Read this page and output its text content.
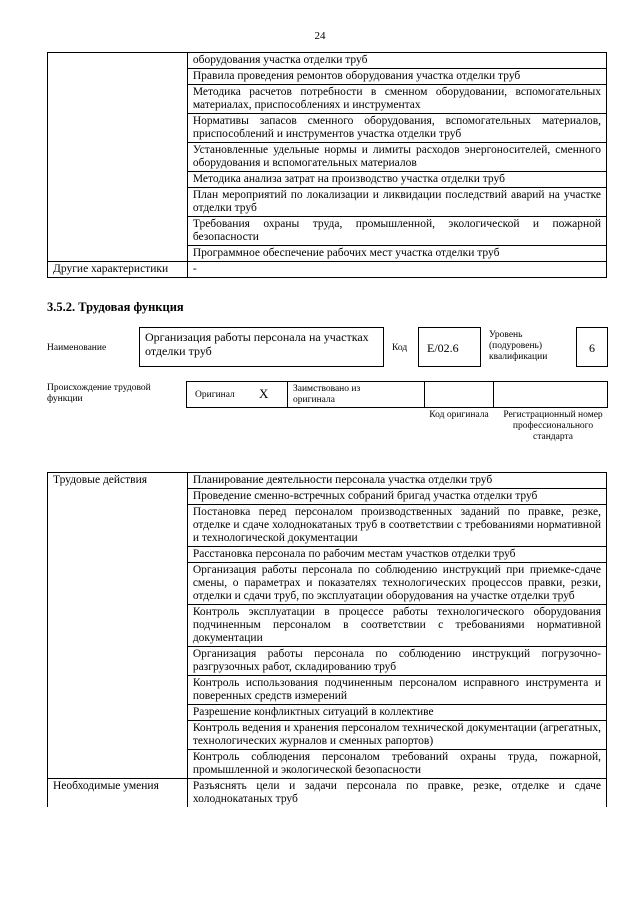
24
	оборудования участка отделки труб
	Правила проведения ремонтов оборудования участка отделки труб
	Методика расчетов потребности в сменном оборудовании, вспомогательных материалах, приспособлениях и инструментах
	Нормативы запасов сменного оборудования, вспомогательных материалов, приспособлений и инструментов участка отделки труб
	Установленные удельные нормы и лимиты расходов энергоносителей, сменного оборудования и вспомогательных материалов
	Методика анализа затрат на производство участка отделки труб
	План мероприятий по локализации и ликвидации последствий аварий на участке отделки труб
	Требования охраны труда, промышленной, экологической и пожарной безопасности
	Программное обеспечение рабочих мест участка отделки труб
Другие характеристики	-
3.5.2. Трудовая функция
Наименование
Организация работы персонала на участках отделки труб	Код	E/02.6
Уровень (подуровень) квалификации
6
Происхождение трудовой функции	Оригинал X	Заимствовано из оригинала
Код оригинала	Регистрационный номер профессионального стандарта
Трудовые действия	Планирование деятельности персонала участка отделки труб
	Проведение сменно-встречных собраний бригад участка отделки труб
	Постановка перед персоналом производственных заданий по правке, резке, отделке и сдаче холоднокатаных труб в соответствии с требованиями нормативной и технологической документации
	Расстановка персонала по рабочим местам участков отделки труб
	Организация работы персонала по соблюдению инструкций при приемке-сдаче смены, о параметрах и показателях технологических процессов правки, резки, отделки и сдачи труб, по эксплуатации оборудования на участке отделки труб
	Контроль эксплуатации в процессе работы технологического оборудования подчиненным персоналом в соответствии с требованиями нормативной документации
	Организация работы персонала по соблюдению инструкций погрузочно-разгрузочных работ, складированию труб
	Контроль использования подчиненным персоналом исправного инструмента и поверенных средств измерений
	Разрешение конфликтных ситуаций в коллективе
	Контроль ведения и хранения персоналом технической документации (агрегатных, технологических журналов и сменных рапортов)
	Контроль соблюдения персоналом требований охраны труда, пожарной, промышленной и экологической безопасности
Необходимые умения	Разъяснять цели и задачи персонала по правке, резке, отделке и сдаче холоднокатаных труб
